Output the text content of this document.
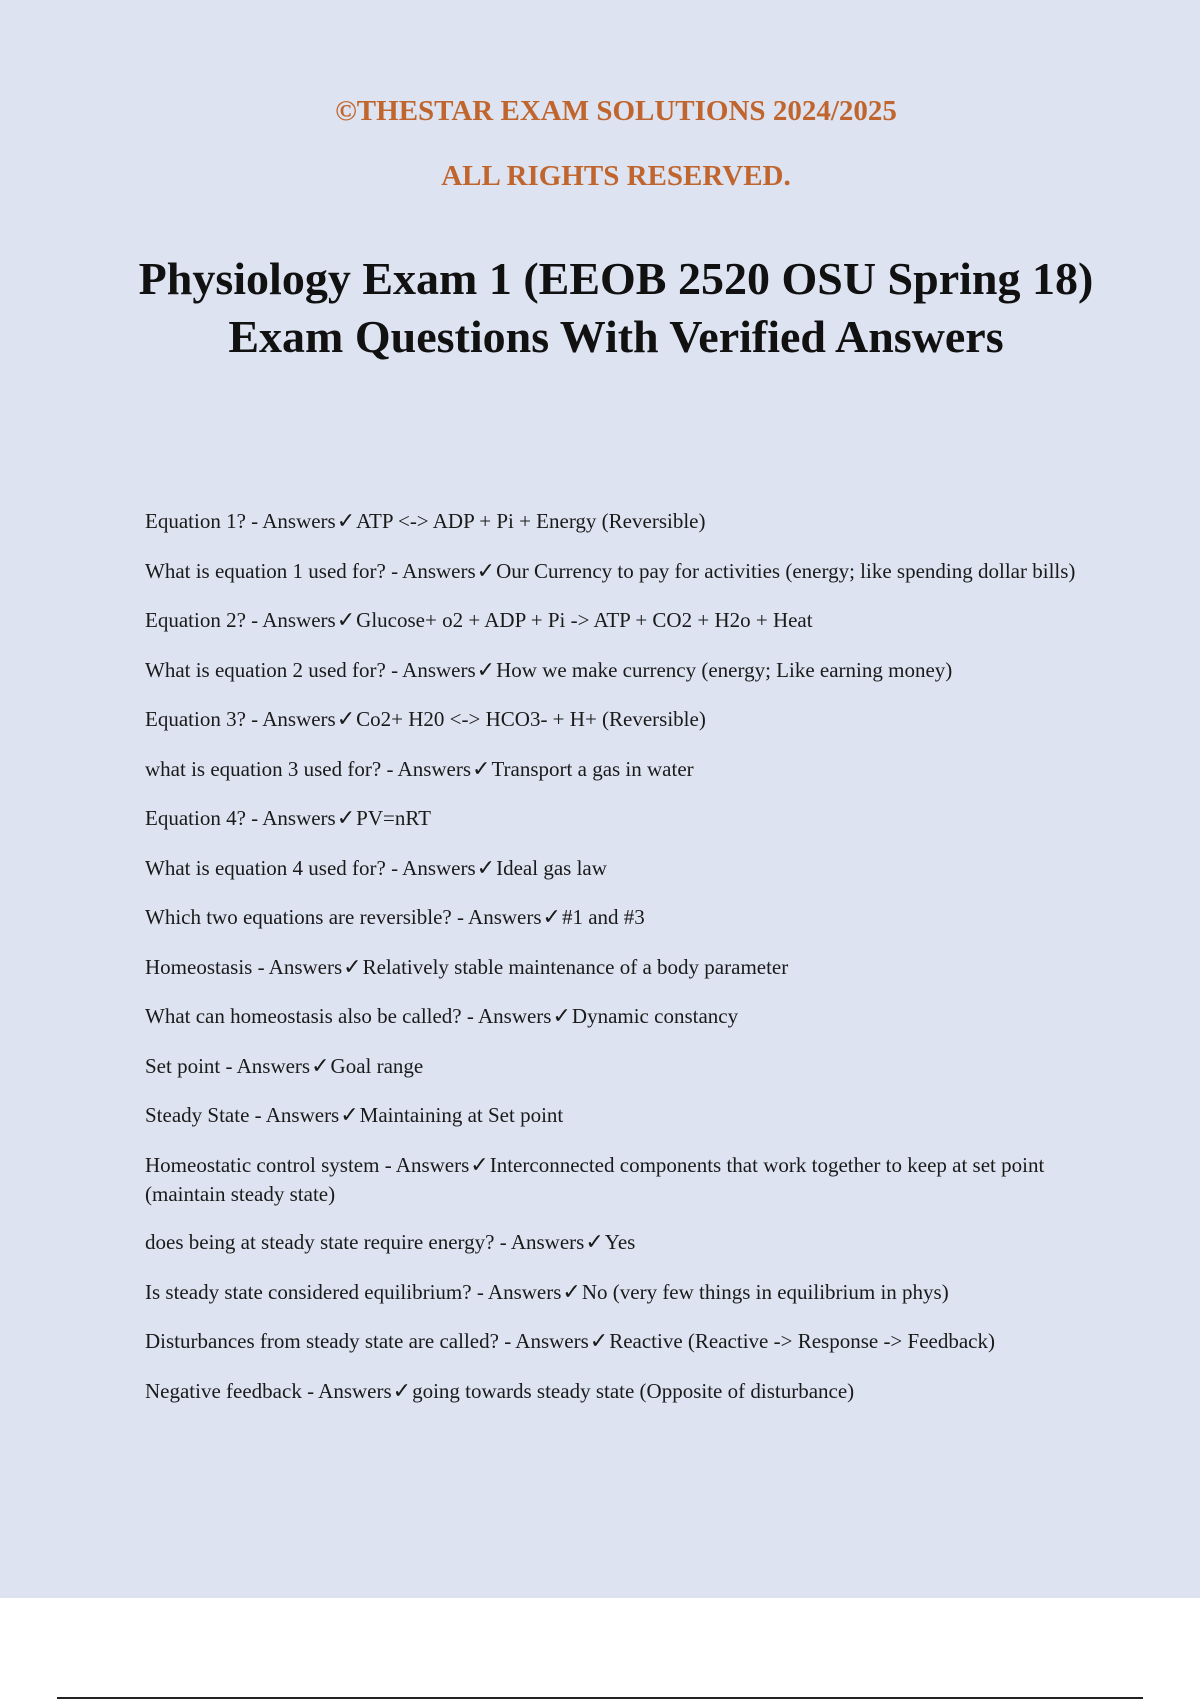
©THESTAR EXAM SOLUTIONS 2024/2025

ALL RIGHTS RESERVED.

Physiology Exam 1 (EEOB 2520 OSU Spring 18) Exam Questions With Verified Answers
Equation 1? - Answers✓ATP <-> ADP + Pi + Energy (Reversible)
What is equation 1 used for? - Answers✓Our Currency to pay for activities (energy; like spending dollar bills)
Equation 2? - Answers✓Glucose+ o2 + ADP + Pi -> ATP + CO2 + H2o + Heat
What is equation 2 used for? - Answers✓How we make currency (energy; Like earning money)
Equation 3? - Answers✓Co2+ H20 <-> HCO3- + H+ (Reversible)
what is equation 3 used for? - Answers✓Transport a gas in water
Equation 4? - Answers✓PV=nRT
What is equation 4 used for? - Answers✓Ideal gas law
Which two equations are reversible? - Answers✓#1 and #3
Homeostasis - Answers✓Relatively stable maintenance of a body parameter
What can homeostasis also be called? - Answers✓Dynamic constancy
Set point - Answers✓Goal range
Steady State - Answers✓Maintaining at Set point
Homeostatic control system - Answers✓Interconnected components that work together to keep at set point (maintain steady state)
does being at steady state require energy? - Answers✓Yes
Is steady state considered equilibrium? - Answers✓No (very few things in equilibrium in phys)
Disturbances from steady state are called? - Answers✓Reactive (Reactive -> Response -> Feedback)
Negative feedback - Answers✓going towards steady state (Opposite of disturbance)
